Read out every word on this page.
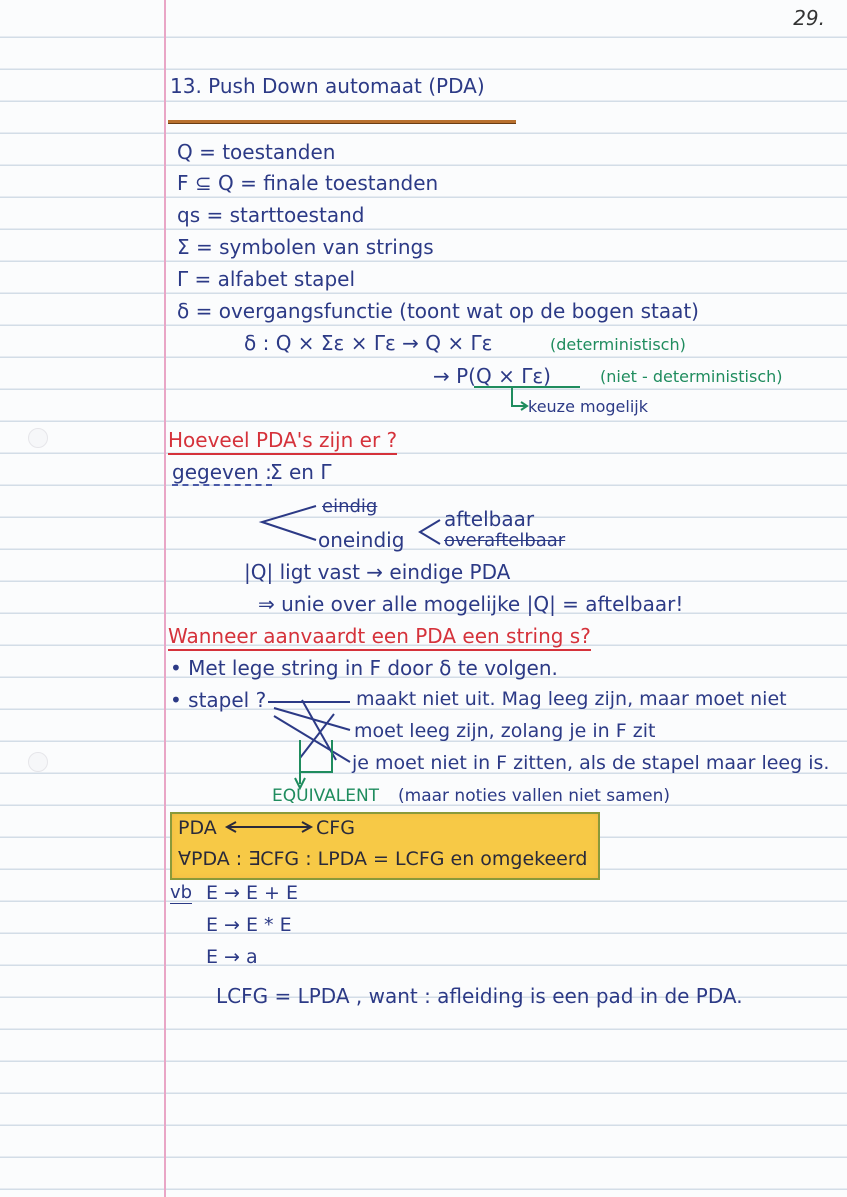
29.
13. Push Down automaat (PDA)
Q = toestanden
F ⊆ Q = finale toestanden
qs = starttoestand
Σ = symbolen van strings
Γ = alfabet stapel
δ = overgangsfunctie (toont wat op de bogen staat)
δ : Q × Σε × Γε → Q × Γε	(deterministisch)
→ P(Q × Γε)	(niet - deterministisch)
keuze mogelijk
Hoeveel PDA's zijn er ?
gegeven :
Σ en Γ
eindig
oneindig
aftelbaar
overaftelbaar
|Q| ligt vast → eindige PDA
⇒ unie over alle mogelijke |Q| = aftelbaar!
Wanneer aanvaardt een PDA een string s?
• Met lege string in F door δ te volgen.
• stapel ?	maakt niet uit. Mag leeg zijn, maar moet niet
moet leeg zijn, zolang je in F zit
je moet niet in F zitten, als de stapel maar leeg is.
EQUIVALENT (maar noties vallen niet samen)
PDA	CFG
∀PDA : ∃CFG : LPDA = LCFG en omgekeerd
vb E → E + E
E → E * E
E → a
LCFG = LPDA , want : afleiding is een pad in de PDA.
